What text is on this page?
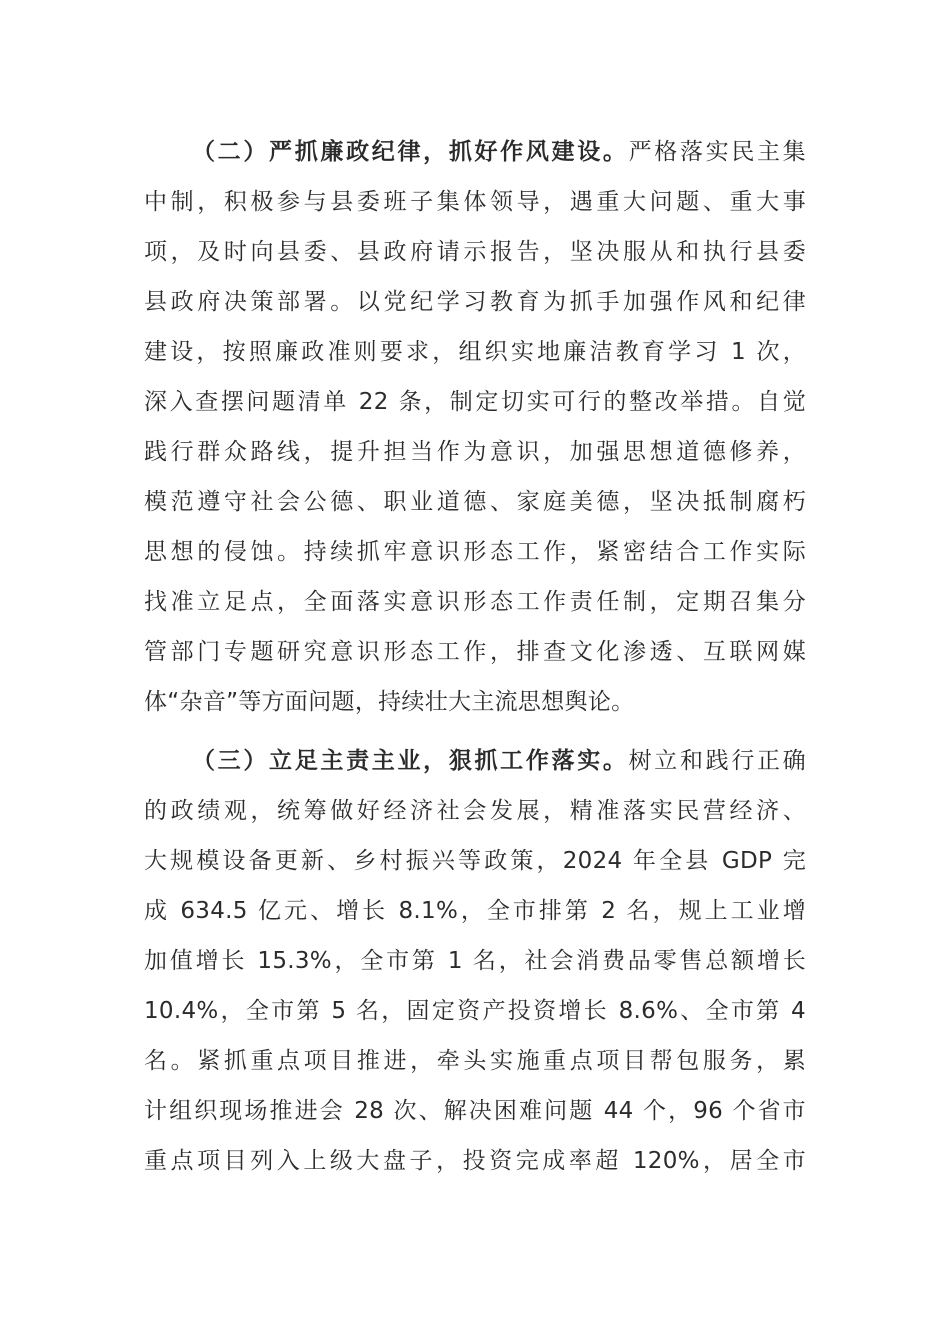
（二）严抓廉政纪律，抓好作风建设。严格落实民主集
中制，积极参与县委班子集体领导，遇重大问题、重大事
项，及时向县委、县政府请示报告，坚决服从和执行县委
县政府决策部署。以党纪学习教育为抓手加强作风和纪律
建设，按照廉政准则要求，组织实地廉洁教育学习 1 次，
深入查摆问题清单 22 条，制定切实可行的整改举措。自觉
践行群众路线，提升担当作为意识，加强思想道德修养，
模范遵守社会公德、职业道德、家庭美德，坚决抵制腐朽
思想的侵蚀。持续抓牢意识形态工作，紧密结合工作实际
找准立足点，全面落实意识形态工作责任制，定期召集分
管部门专题研究意识形态工作，排查文化渗透、互联网媒
体“杂音”等方面问题，持续壮大主流思想舆论。
（三）立足主责主业，狠抓工作落实。树立和践行正确
的政绩观，统筹做好经济社会发展，精准落实民营经济、
大规模设备更新、乡村振兴等政策，2024 年全县 GDP 完
成 634.5 亿元、增长 8.1%，全市排第 2 名，规上工业增
加值增长 15.3%，全市第 1 名，社会消费品零售总额增长
10.4%，全市第 5 名，固定资产投资增长 8.6%、全市第 4
名。紧抓重点项目推进，牵头实施重点项目帮包服务，累
计组织现场推进会 28 次、解决困难问题 44 个，96 个省市
重点项目列入上级大盘子，投资完成率超 120%，居全市
